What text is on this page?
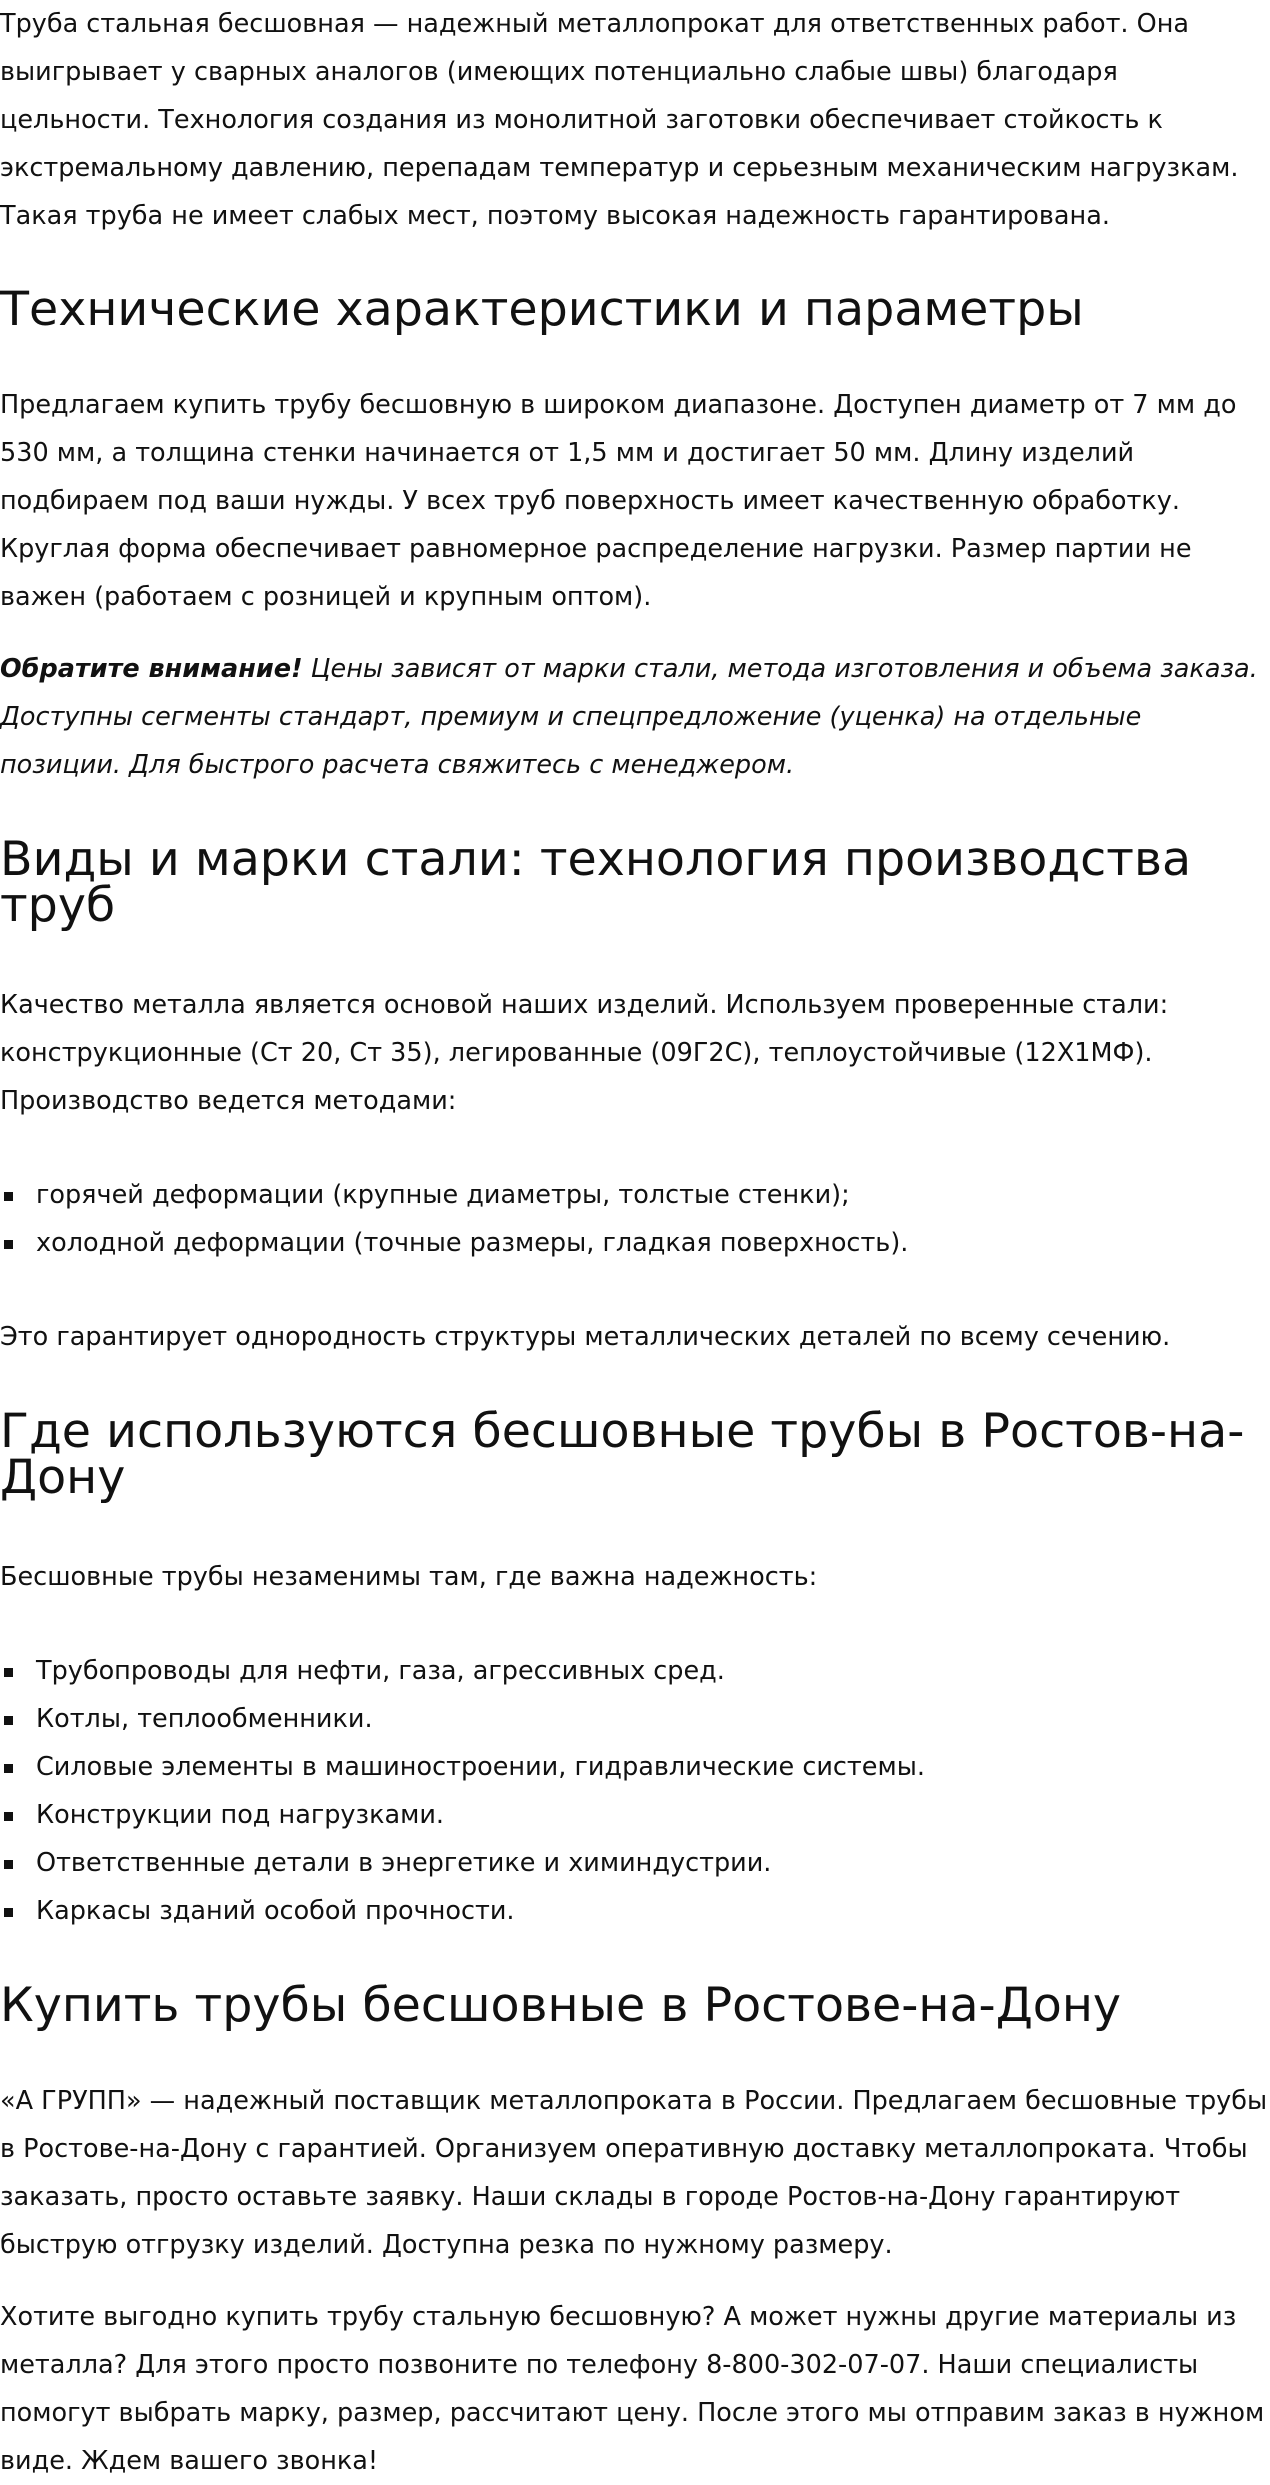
Труба стальная бесшовная — надежный металлопрокат для ответственных работ. Она выигрывает у сварных аналогов (имеющих потенциально слабые швы) благодаря цельности. Технология создания из монолитной заготовки обеспечивает стойкость к экстремальному давлению, перепадам температур и серьезным механическим нагрузкам. Такая труба не имеет слабых мест, поэтому высокая надежность гарантирована.

Технические характеристики и параметры

Предлагаем купить трубу бесшовную в широком диапазоне. Доступен диаметр от 7 мм до 530 мм, а толщина стенки начинается от 1,5 мм и достигает 50 мм. Длину изделий подбираем под ваши нужды. У всех труб поверхность имеет качественную обработку. Круглая форма обеспечивает равномерное распределение нагрузки. Размер партии не важен (работаем с розницей и крупным оптом).

Обратите внимание! Цены зависят от марки стали, метода изготовления и объема заказа. Доступны сегменты стандарт, премиум и спецпредложение (уценка) на отдельные позиции. Для быстрого расчета свяжитесь с менеджером.

Виды и марки стали: технология производства труб

Качество металла является основой наших изделий. Используем проверенные стали: конструкционные (Ст 20, Ст 35), легированные (09Г2С), теплоустойчивые (12Х1МФ). Производство ведется методами:

горячей деформации (крупные диаметры, толстые стенки);
холодной деформации (точные размеры, гладкая поверхность).

Это гарантирует однородность структуры металлических деталей по всему сечению.

Где используются бесшовные трубы в Ростов-на-Дону

Бесшовные трубы незаменимы там, где важна надежность:

Трубопроводы для нефти, газа, агрессивных сред.
Котлы, теплообменники.
Силовые элементы в машиностроении, гидравлические системы.
Конструкции под нагрузками.
Ответственные детали в энергетике и химиндустрии.
Каркасы зданий особой прочности.
Купить трубы бесшовные в Ростове-на-Дону

«А ГРУПП» — надежный поставщик металлопроката в России. Предлагаем бесшовные трубы в Ростове-на-Дону с гарантией. Организуем оперативную доставку металлопроката. Чтобы заказать, просто оставьте заявку. Наши склады в городе Ростов-на-Дону гарантируют быструю отгрузку изделий. Доступна резка по нужному размеру.

Хотите выгодно купить трубу стальную бесшовную? А может нужны другие материалы из металла? Для этого просто позвоните по телефону 8-800-302-07-07. Наши специалисты помогут выбрать марку, размер, рассчитают цену. После этого мы отправим заказ в нужном виде. Ждем вашего звонка!
